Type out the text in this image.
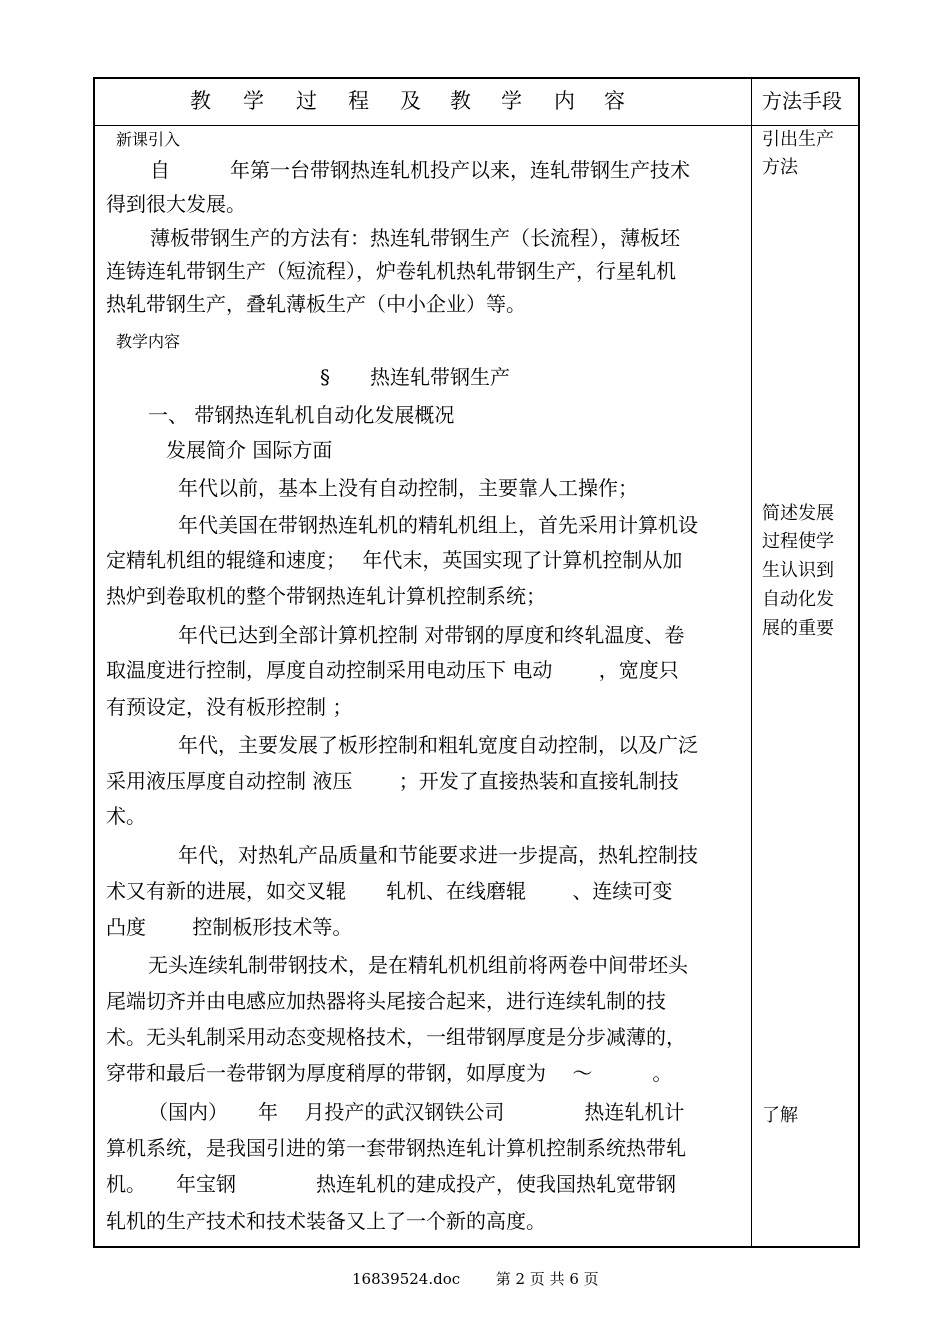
教 学 过 程 及 教 学 内 容	方法手段
新课引入
自　　　年第一台带钢热连轧机投产以来，连轧带钢生产技术
得到很大发展。
薄板带钢生产的方法有：热连轧带钢生产（长流程），薄板坯
连铸连轧带钢生产（短流程），炉卷轧机热轧带钢生产，行星轧机
热轧带钢生产，叠轧薄板生产（中小企业）等。
教学内容
§　　热连轧带钢生产
一、 带钢热连轧机自动化发展概况
发展简介 国际方面
年代以前，基本上没有自动控制，主要靠人工操作；
年代美国在带钢热连轧机的精轧机组上，首先采用计算机设
定精轧机组的辊缝和速度；　 年代末，英国实现了计算机控制从加
热炉到卷取机的整个带钢热连轧计算机控制系统；
年代已达到全部计算机控制 对带钢的厚度和终轧温度、卷
取温度进行控制，厚度自动控制采用电动压下 电动　　 ，宽度只
有预设定，没有板形控制 ；
年代，主要发展了板形控制和粗轧宽度自动控制，以及广泛
采用液压厚度自动控制 液压　　 ；开发了直接热装和直接轧制技
术。
年代，对热轧产品质量和节能要求进一步提高，热轧控制技
术又有新的进展，如交叉辊　　轧机、在线磨辊　　 、连续可变
凸度　　 控制板形技术等。
无头连续轧制带钢技术，是在精轧机机组前将两卷中间带坯头
尾端切齐并由电感应加热器将头尾接合起来，进行连续轧制的技
术。无头轧制采用动态变规格技术，一组带钢厚度是分步减薄的，
穿带和最后一卷带钢为厚度稍厚的带钢，如厚度为　 ～　　　。
（国内）　　年　 月投产的武汉钢铁公司　　　　热连轧机计
算机系统，是我国引进的第一套带钢热连轧计算机控制系统热带轧
机。　　年宝钢　　　　热连轧机的建成投产，使我国热轧宽带钢
轧机的生产技术和技术装备又上了一个新的高度。
引出生产
方法
简述发展
过程使学
生认识到
自动化发
展的重要
了解
16839524.doc 第 2 页 共 6 页
